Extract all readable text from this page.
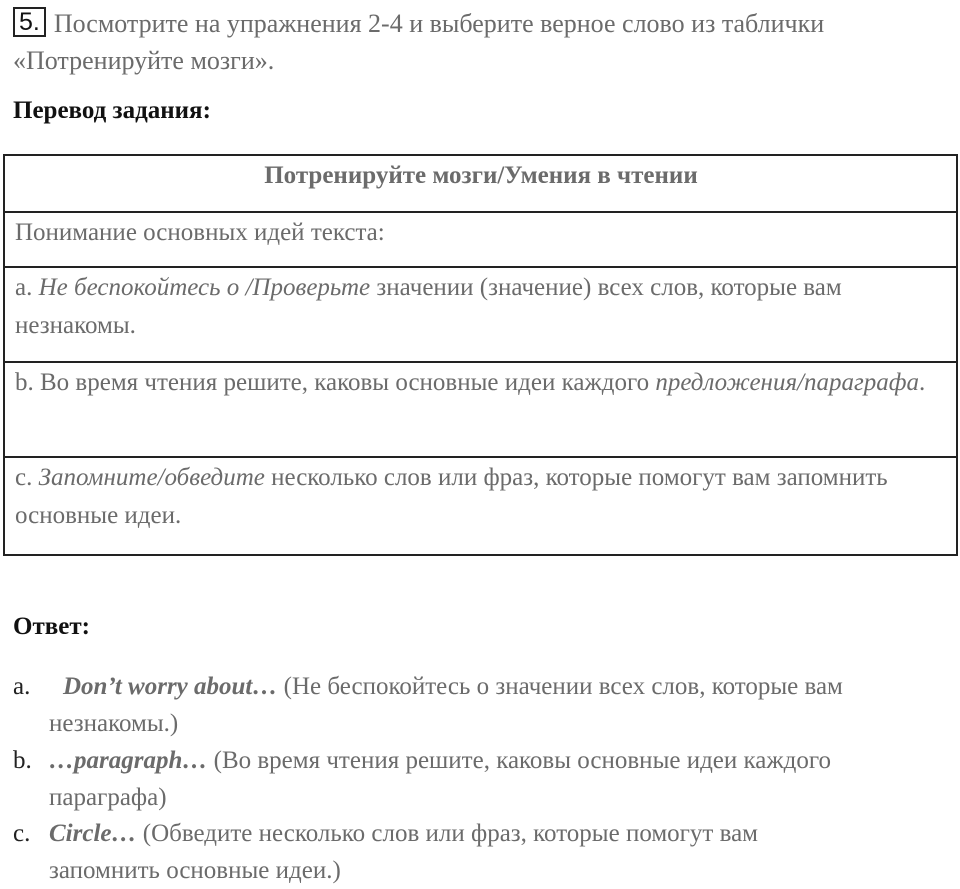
5. Посмотрите на упражнения 2-4 и выберите верное слово из таблички «Потренируйте мозги».
Перевод задания:
Потренируйте мозги/Умения в чтении
Понимание основных идей текста:
a. Не беспокойтесь о /Проверьте значении (значение) всех слов, которые вам незнакомы.
b. Во время чтения решите, каковы основные идеи каждого предложения/параграфа.
c. Запомните/обведите несколько слов или фраз, которые помогут вам запомнить основные идеи.
Ответ:
a. Don’t worry about… (Не беспокойтесь о значении всех слов, которые вам
незнакомы.)
b. …paragraph… (Во время чтения решите, каковы основные идеи каждого
параграфа)
c. Circle… (Обведите несколько слов или фраз, которые помогут вам
запомнить основные идеи.)
